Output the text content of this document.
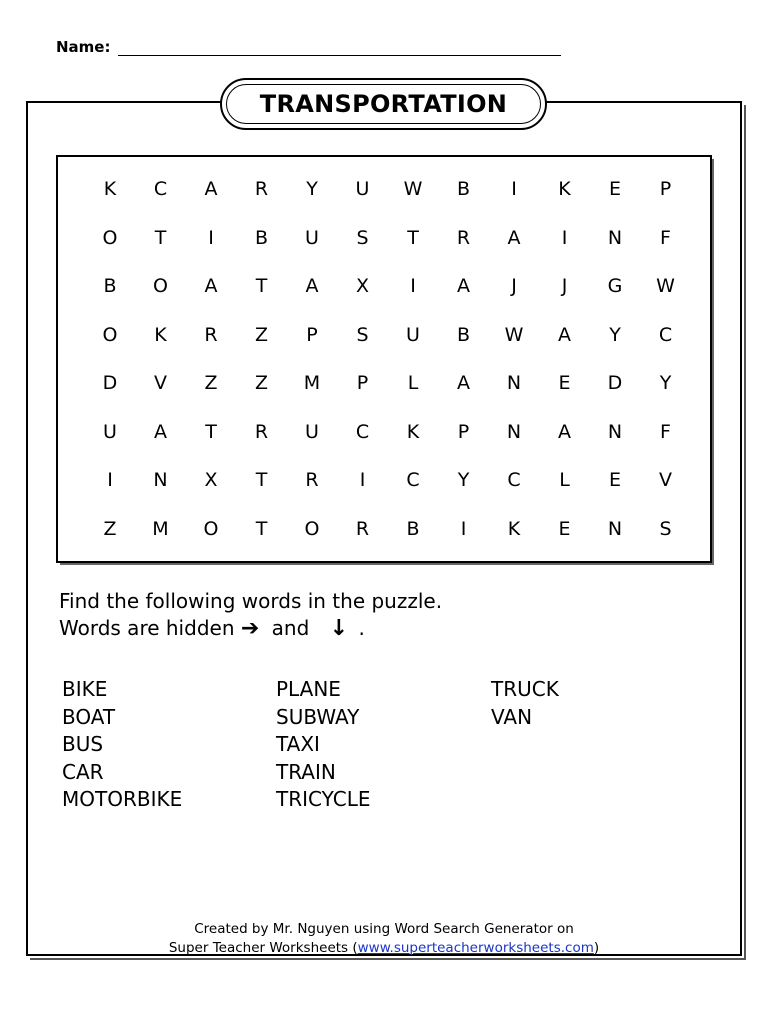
Name:
TRANSPORTATION
K	C	A	R	Y	U	W	B	I	K	E	P
O	T	I	B	U	S	T	R	A	I	N	F
B	O	A	T	A	X	I	A	J	J	G	W
O	K	R	Z	P	S	U	B	W	A	Y	C
D	V	Z	Z	M	P	L	A	N	E	D	Y
U	A	T	R	U	C	K	P	N	A	N	F
I	N	X	T	R	I	C	Y	C	L	E	V
Z	M	O	T	O	R	B	I	K	E	N	S
Find the following words in the puzzle.
Words are hidden ➔ and ↓ .
BIKE
BOAT
BUS
CAR
MOTORBIKE
PLANE
SUBWAY
TAXI
TRAIN
TRICYCLE
TRUCK
VAN
Created by Mr. Nguyen using Word Search Generator on
Super Teacher Worksheets (www.superteacherworksheets.com)
